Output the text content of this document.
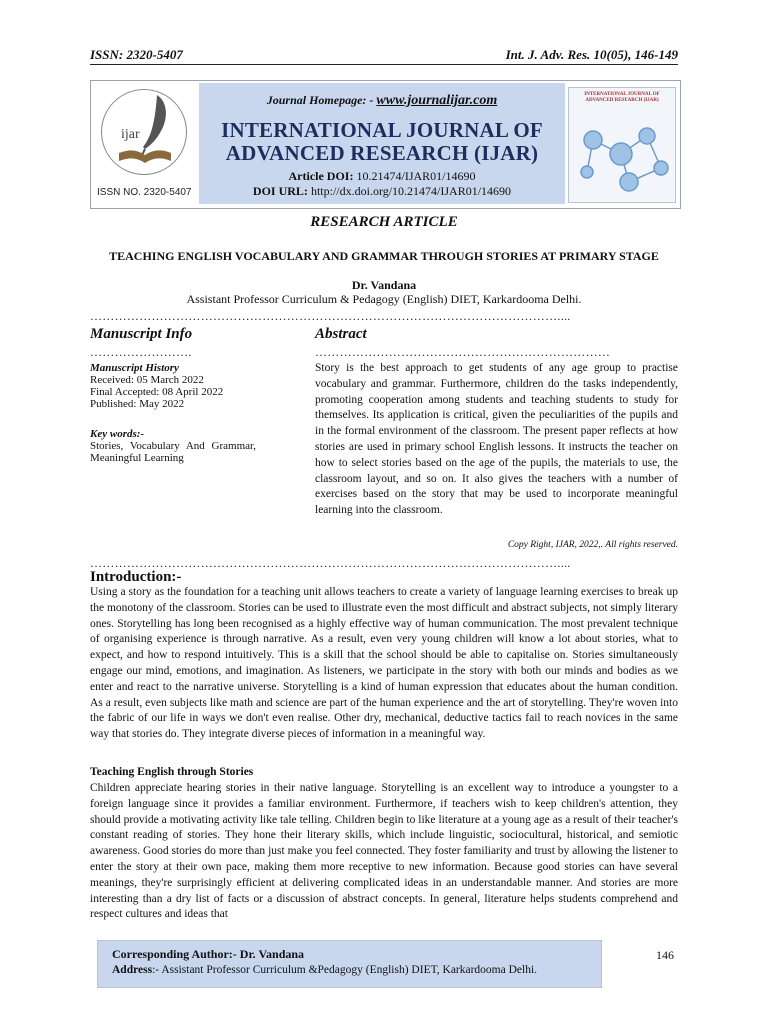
ISSN: 2320-5407	Int. J. Adv. Res. 10(05), 146-149
ijar
ISSN NO. 2320-5407
Journal Homepage: - www.journalijar.com
INTERNATIONAL JOURNAL OF
ADVANCED RESEARCH (IJAR)
Article DOI: 10.21474/IJAR01/14690
DOI URL: http://dx.doi.org/10.21474/IJAR01/14690
INTERNATIONAL JOURNAL OF ADVANCED RESEARCH (IJAR)
RESEARCH ARTICLE
TEACHING ENGLISH VOCABULARY AND GRAMMAR THROUGH STORIES AT PRIMARY STAGE
Dr. Vandana
Assistant Professor Curriculum & Pedagogy (English) DIET, Karkardooma Delhi.
……………………………………………………………………………………………………....
Manuscript Info
…………………….
Manuscript History
Received: 05 March 2022
Final Accepted: 08 April 2022
Published: May 2022
Key words:-
Stories, Vocabulary And Grammar, Meaningful Learning
Abstract
………………………………………………………………
Story is the best approach to get students of any age group to practise vocabulary and grammar. Furthermore, children do the tasks independently, promoting cooperation among students and teaching students to study for themselves. Its application is critical, given the peculiarities of the pupils and in the formal environment of the classroom. The present paper reflects at how stories are used in primary school English lessons. It instructs the teacher on how to select stories based on the age of the pupils, the materials to use, the classroom layout, and so on. It also gives the teachers with a number of exercises based on the story that may be used to incorporate meaningful learning into the classroom.
Copy Right, IJAR, 2022,. All rights reserved.
……………………………………………………………………………………………………....
Introduction:-
Using a story as the foundation for a teaching unit allows teachers to create a variety of language learning exercises to break up the monotony of the classroom. Stories can be used to illustrate even the most difficult and abstract subjects, not simply literary ones. Storytelling has long been recognised as a highly effective way of human communication. The most prevalent technique of organising experience is through narrative. As a result, even very young children will know a lot about stories, what to expect, and how to respond intuitively. This is a skill that the school should be able to capitalise on. Stories simultaneously engage our mind, emotions, and imagination. As listeners, we participate in the story with both our minds and bodies as we enter and react to the narrative universe. Storytelling is a kind of human expression that educates about the human condition. As a result, even subjects like math and science are part of the human experience and the art of storytelling. They're woven into the fabric of our life in ways we don't even realise. Other dry, mechanical, deductive tactics fail to reach novices in the same way that stories do. They integrate diverse pieces of information in a meaningful way.
Teaching English through Stories
Children appreciate hearing stories in their native language. Storytelling is an excellent way to introduce a youngster to a foreign language since it provides a familiar environment. Furthermore, if teachers wish to keep children's attention, they should provide a motivating activity like tale telling. Children begin to like literature at a young age as a result of their teacher's constant reading of stories. They hone their literary skills, which include linguistic, sociocultural, historical, and semiotic awareness. Good stories do more than just make you feel connected. They foster familiarity and trust by allowing the listener to enter the story at their own pace, making them more receptive to new information. Because good stories can have several meanings, they're surprisingly efficient at delivering complicated ideas in an understandable manner. And stories are more interesting than a dry list of facts or a discussion of abstract concepts. In general, literature helps students comprehend and respect cultures and ideas that
Corresponding Author:- Dr. Vandana
Address:- Assistant Professor Curriculum &Pedagogy (English) DIET, Karkardooma Delhi.
146
